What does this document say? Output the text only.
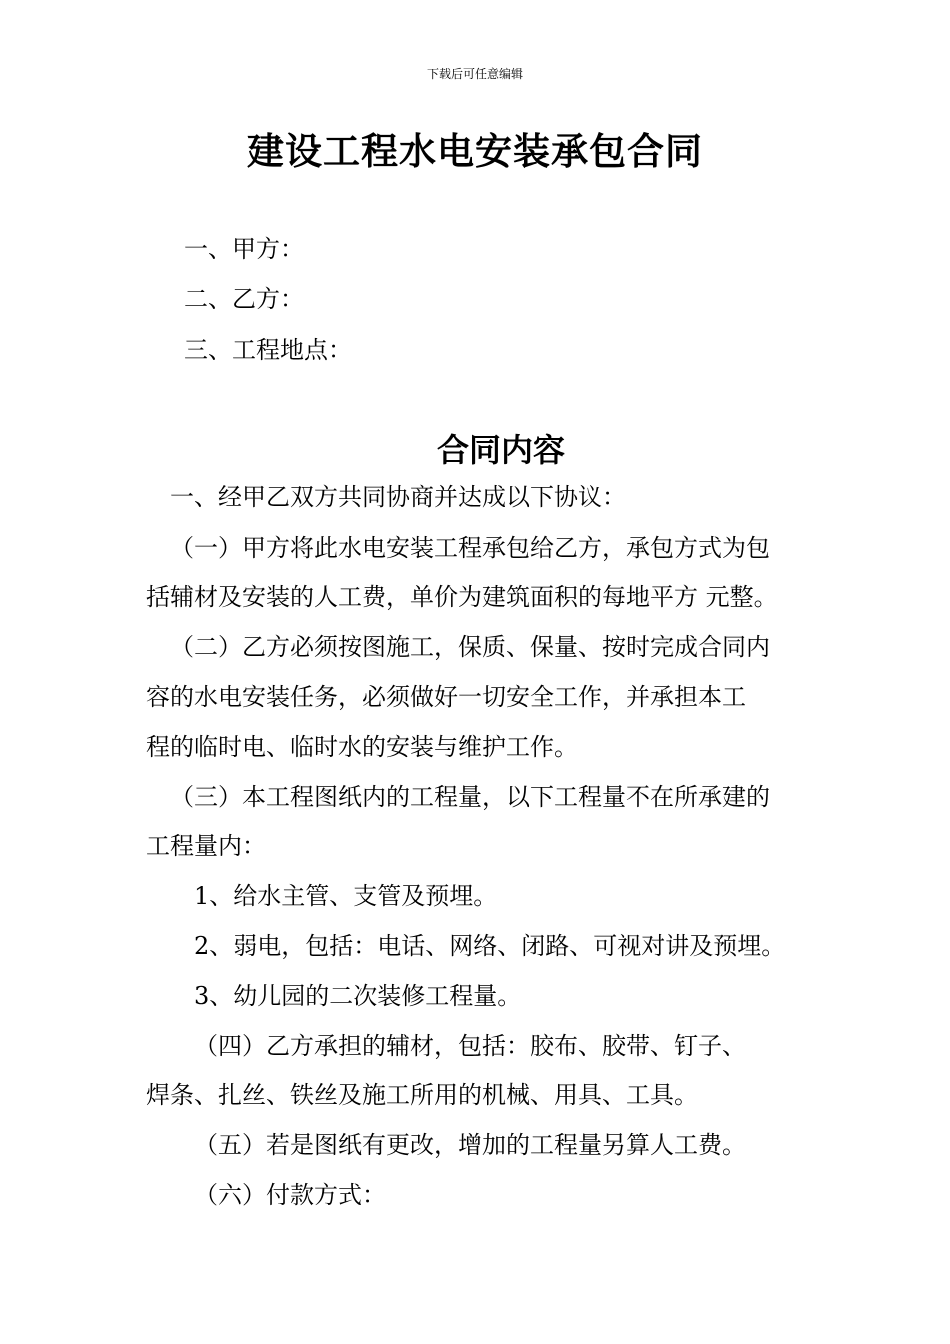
下载后可任意编辑
建设工程水电安装承包合同
一、甲方：
二、乙方：
三、工程地点：
合同内容
一、经甲乙双方共同协商并达成以下协议：
（一）甲方将此水电安装工程承包给乙方，承包方式为包
括辅材及安装的人工费，单价为建筑面积的每地平方 元整。
（二）乙方必须按图施工，保质、保量、按时完成合同内
容的水电安装任务，必须做好一切安全工作，并承担本工
程的临时电、临时水的安装与维护工作。
（三）本工程图纸内的工程量，以下工程量不在所承建的
工程量内：
1、给水主管、支管及预埋。
2、弱电，包括：电话、网络、闭路、可视对讲及预埋。
3、幼儿园的二次装修工程量。
（四）乙方承担的辅材，包括：胶布、胶带、钉子、
焊条、扎丝、铁丝及施工所用的机械、用具、工具。
（五）若是图纸有更改，增加的工程量另算人工费。
（六）付款方式：
